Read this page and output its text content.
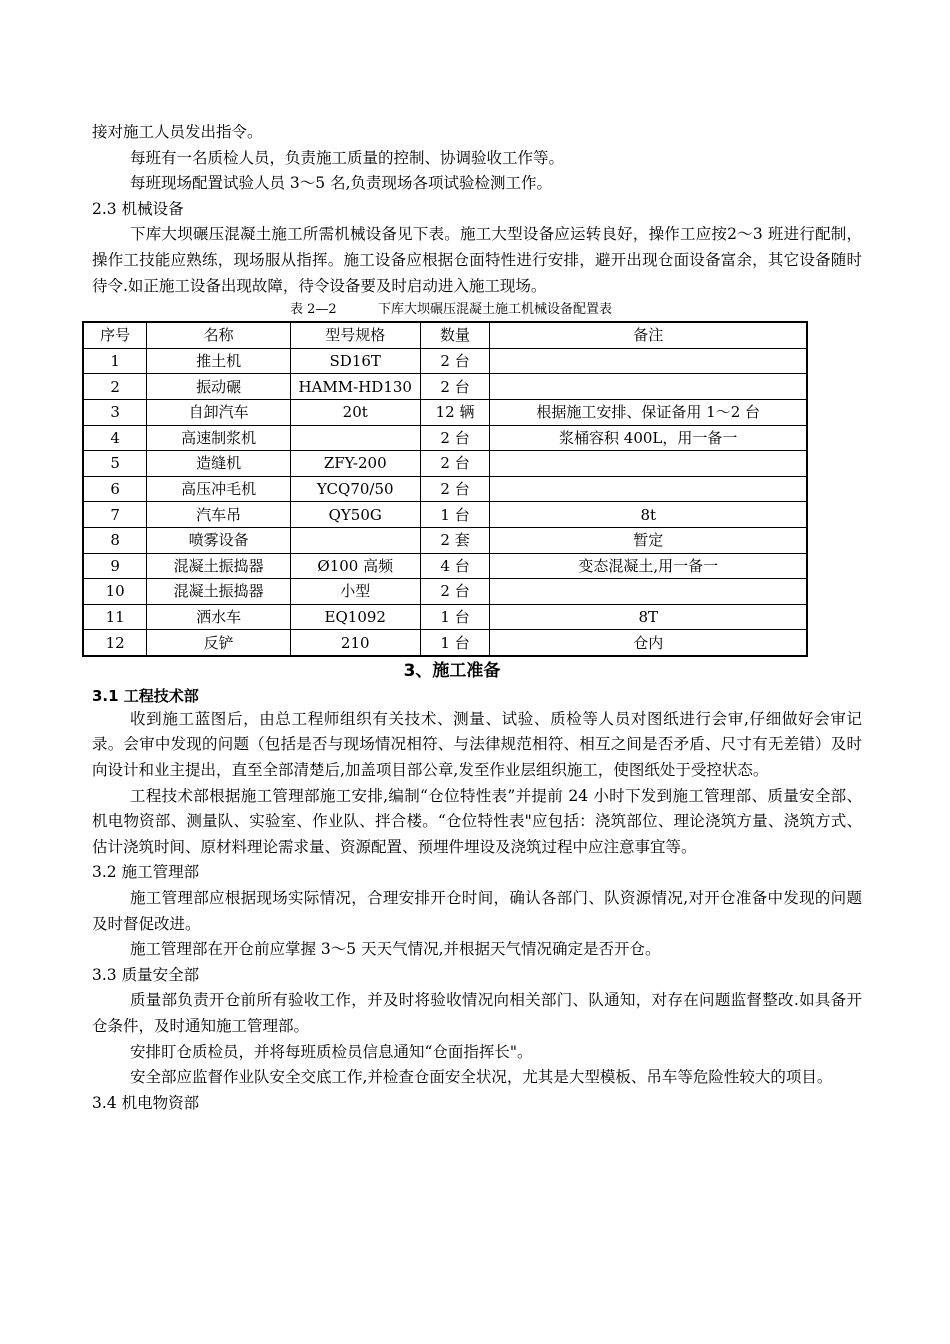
接对施工人员发出指令。

每班有一名质检人员，负责施工质量的控制、协调验收工作等。

每班现场配置试验人员 3～5 名,负责现场各项试验检测工作。

2.3 机械设备

下库大坝碾压混凝土施工所需机械设备见下表。施工大型设备应运转良好，操作工应按2～3 班进行配制，操作工技能应熟练，现场服从指挥。施工设备应根据仓面特性进行安排，避开出现仓面设备富余，其它设备随时待令.如正施工设备出现故障，待令设备要及时启动进入施工现场。

表 2—2	下库大坝碾压混凝土施工机械设备配置表
序号	名称	型号规格	数量	备注
1	推土机	SD16T	2 台	
2	振动碾	HAMM-HD130	2 台	
3	自卸汽车	20t	12 辆	根据施工安排、保证备用 1～2 台
4	高速制浆机		2 台	浆桶容积 400L，用一备一
5	造缝机	ZFY-200	2 台	
6	高压冲毛机	YCQ70/50	2 台	
7	汽车吊	QY50G	1 台	8t
8	喷雾设备		2 套	暂定
9	混凝土振捣器	Ø100 高频	4 台	变态混凝土,用一备一
10	混凝土振捣器	小型	2 台	
11	洒水车	EQ1092	1 台	8T
12	反铲	210	1 台	仓内

3、施工准备

3.1 工程技术部

收到施工蓝图后，由总工程师组织有关技术、测量、试验、质检等人员对图纸进行会审,仔细做好会审记录。会审中发现的问题（包括是否与现场情况相符、与法律规范相符、相互之间是否矛盾、尺寸有无差错）及时向设计和业主提出，直至全部清楚后,加盖项目部公章,发至作业层组织施工，使图纸处于受控状态。

工程技术部根据施工管理部施工安排,编制“仓位特性表”并提前 24 小时下发到施工管理部、质量安全部、机电物资部、测量队、实验室、作业队、拌合楼。“仓位特性表"应包括：浇筑部位、理论浇筑方量、浇筑方式、估计浇筑时间、原材料理论需求量、资源配置、预埋件埋设及浇筑过程中应注意事宜等。

3.2 施工管理部

施工管理部应根据现场实际情况，合理安排开仓时间，确认各部门、队资源情况,对开仓准备中发现的问题及时督促改进。

施工管理部在开仓前应掌握 3～5 天天气情况,并根据天气情况确定是否开仓。

3.3 质量安全部

质量部负责开仓前所有验收工作，并及时将验收情况向相关部门、队通知，对存在问题监督整改.如具备开仓条件，及时通知施工管理部。

安排盯仓质检员，并将每班质检员信息通知“仓面指挥长"。

安全部应监督作业队安全交底工作,并检查仓面安全状况，尤其是大型模板、吊车等危险性较大的项目。

3.4 机电物资部
